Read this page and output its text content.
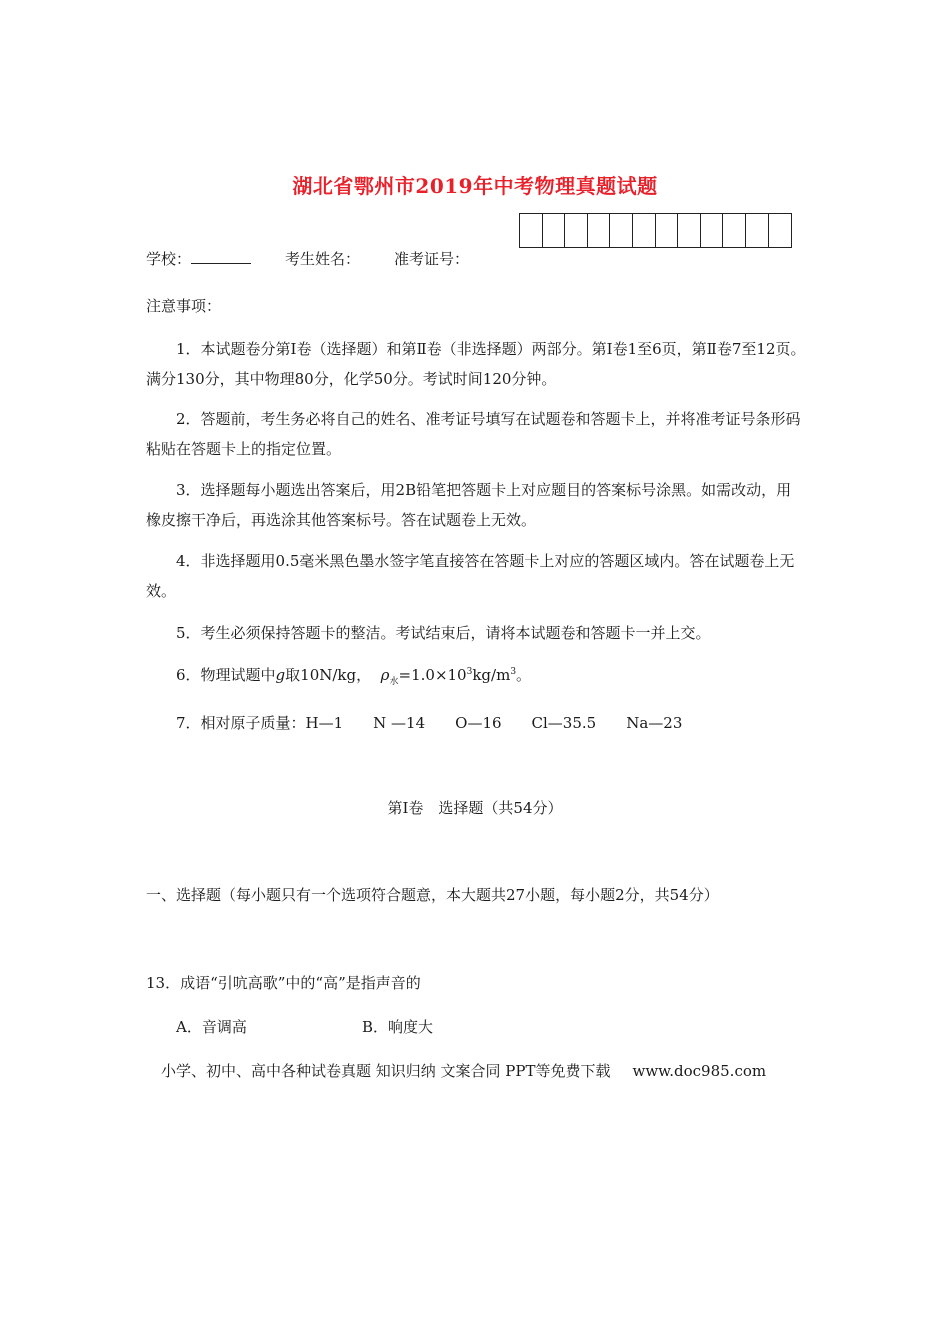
湖北省鄂州市2019年中考物理真题试题
学校：	考生姓名： 准考证号：
注意事项：
1．本试题卷分第Ⅰ卷（选择题）和第Ⅱ卷（非选择题）两部分。第Ⅰ卷1至6页，第Ⅱ卷7至12页。满分130分，其中物理80分，化学50分。考试时间120分钟。
2．答题前，考生务必将自己的姓名、准考证号填写在试题卷和答题卡上，并将准考证号条形码粘贴在答题卡上的指定位置。
3．选择题每小题选出答案后，用2B铅笔把答题卡上对应题目的答案标号涂黑。如需改动，用橡皮擦干净后，再选涂其他答案标号。答在试题卷上无效。
4．非选择题用0.5毫米黑色墨水签字笔直接答在答题卡上对应的答题区域内。答在试题卷上无效。
5．考生必须保持答题卡的整洁。考试结束后，请将本试题卷和答题卡一并上交。
6．物理试题中g取10N/kg， $\rho_水=1.0\times 10^3kg/m^3$。
7．相对原子质量：H—1　　N —14　　O—16　　Cl—35.5　　Na—23
第Ⅰ卷　选择题（共54分）
一、选择题（每小题只有一个选项符合题意，本大题共27小题，每小题2分，共54分）
13．成语“引吭高歌”中的“高”是指声音的
A．音调高	B．响度大
小学、初中、高中各种试卷真题 知识归纳 文案合同 PPT等免费下载 www.doc985.com
